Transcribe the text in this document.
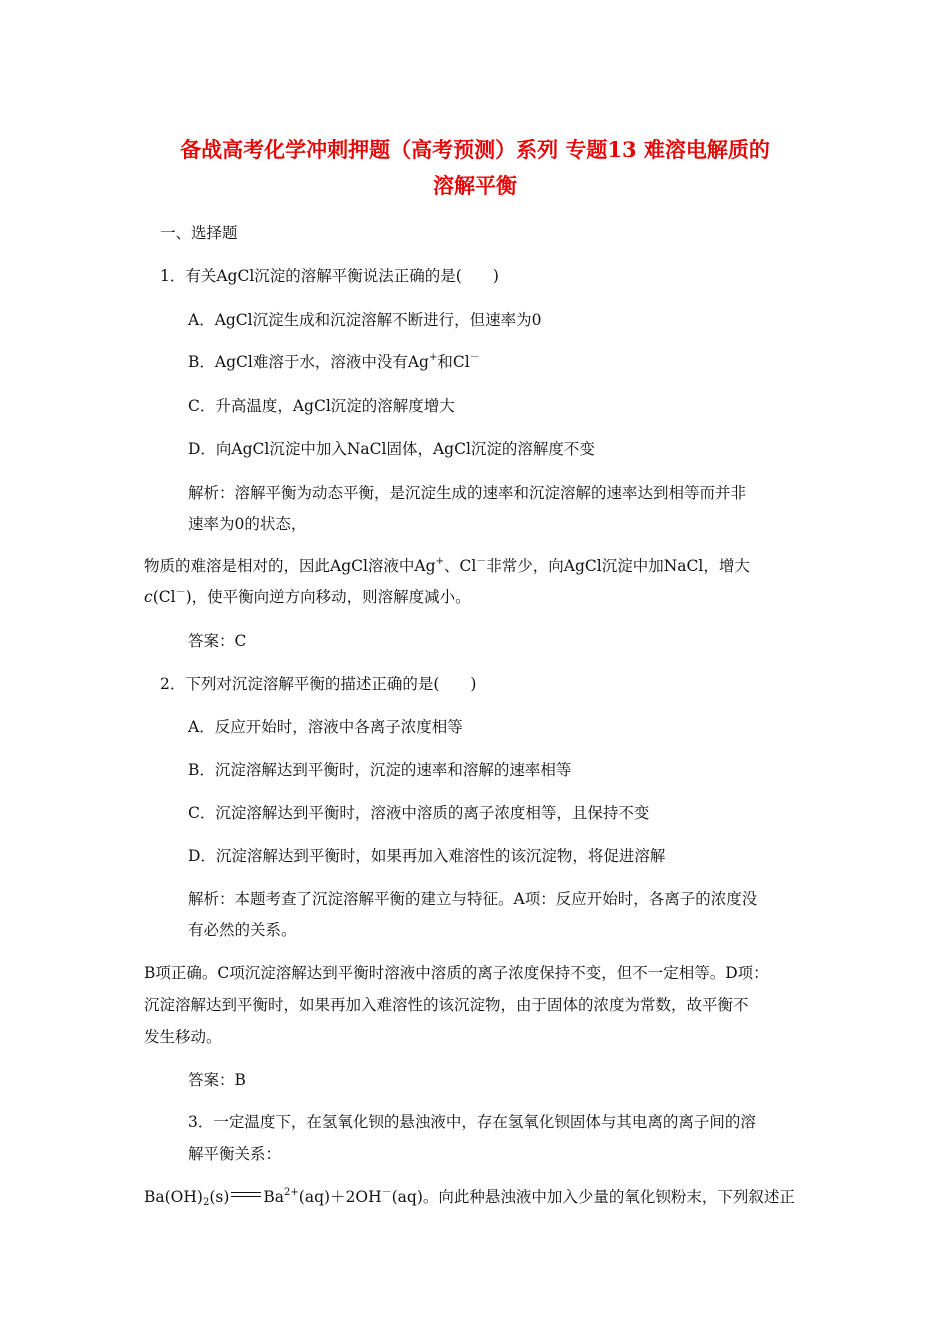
备战高考化学冲刺押题（高考预测）系列 专题13 难溶电解质的
溶解平衡
一、选择题
1．有关AgCl沉淀的溶解平衡说法正确的是(　　)
A．AgCl沉淀生成和沉淀溶解不断进行，但速率为0
B．AgCl难溶于水，溶液中没有Ag+和Cl－
C．升高温度，AgCl沉淀的溶解度增大
D．向AgCl沉淀中加入NaCl固体，AgCl沉淀的溶解度不变
解析：溶解平衡为动态平衡，是沉淀生成的速率和沉淀溶解的速率达到相等而并非
速率为0的状态，
物质的难溶是相对的，因此AgCl溶液中Ag+、Cl－非常少，向AgCl沉淀中加NaCl，增大
c(Cl－)，使平衡向逆方向移动，则溶解度减小。
答案：C
2．下列对沉淀溶解平衡的描述正确的是(　　)
A．反应开始时，溶液中各离子浓度相等
B．沉淀溶解达到平衡时，沉淀的速率和溶解的速率相等
C．沉淀溶解达到平衡时，溶液中溶质的离子浓度相等，且保持不变
D．沉淀溶解达到平衡时，如果再加入难溶性的该沉淀物，将促进溶解
解析：本题考查了沉淀溶解平衡的建立与特征。A项：反应开始时，各离子的浓度没
有必然的关系。
B项正确。C项沉淀溶解达到平衡时溶液中溶质的离子浓度保持不变，但不一定相等。D项：
沉淀溶解达到平衡时，如果再加入难溶性的该沉淀物，由于固体的浓度为常数，故平衡不
发生移动。
答案：B
3．一定温度下，在氢氧化钡的悬浊液中，存在氢氧化钡固体与其电离的离子间的溶
解平衡关系：
$Ba(OH)_2(s)$ $Ba^{2+}(aq)+2OH^-(aq)$。向此种悬浊液中加入少量的氧化钡粉末，下列叙述正
